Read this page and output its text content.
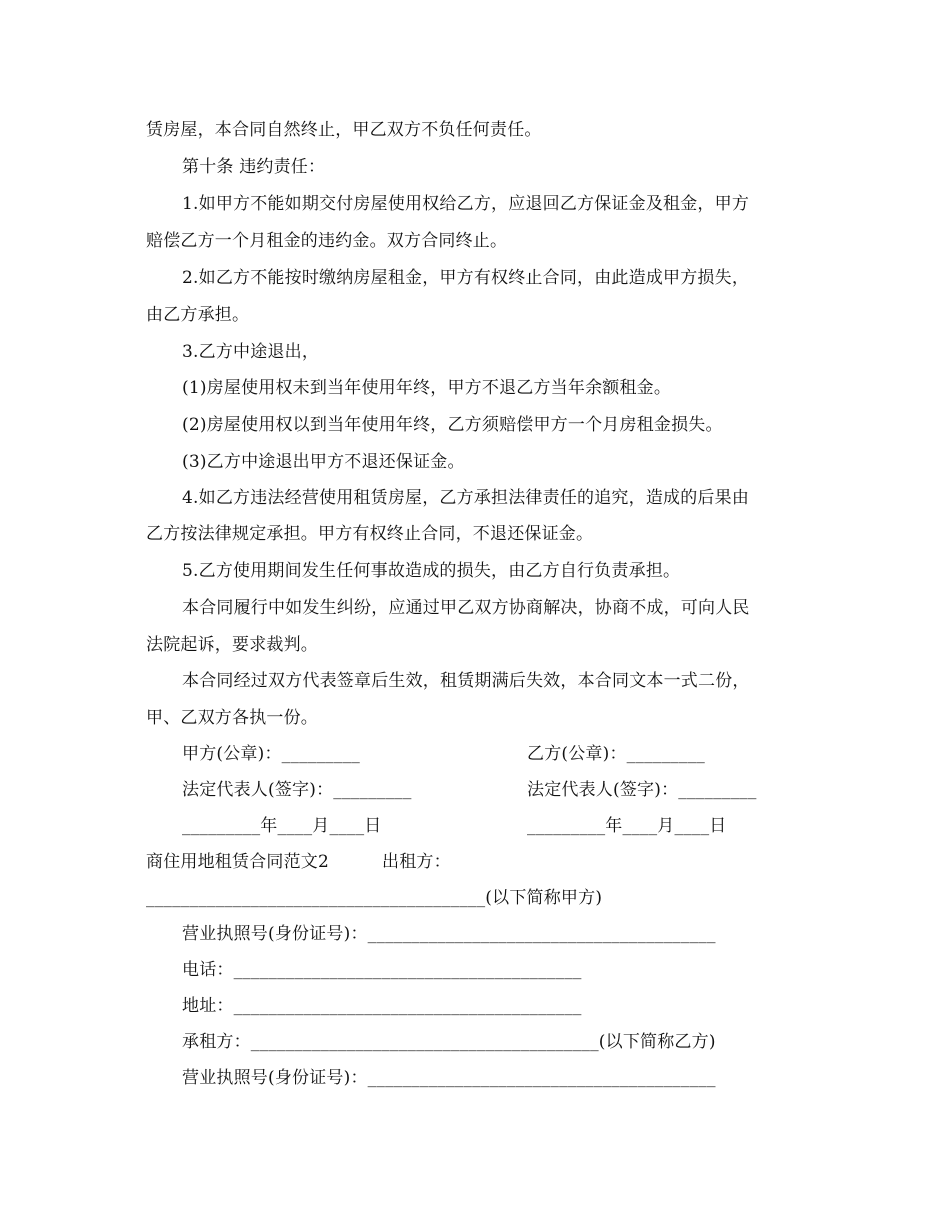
赁房屋，本合同自然终止，甲乙双方不负任何责任。
第十条 违约责任：
1.如甲方不能如期交付房屋使用权给乙方，应退回乙方保证金及租金，甲方
赔偿乙方一个月租金的违约金。双方合同终止。
2.如乙方不能按时缴纳房屋租金，甲方有权终止合同，由此造成甲方损失，
由乙方承担。
3.乙方中途退出，
(1)房屋使用权未到当年使用年终，甲方不退乙方当年余额租金。
(2)房屋使用权以到当年使用年终，乙方须赔偿甲方一个月房租金损失。
(3)乙方中途退出甲方不退还保证金。
4.如乙方违法经营使用租赁房屋，乙方承担法律责任的追究，造成的后果由
乙方按法律规定承担。甲方有权终止合同，不退还保证金。
5.乙方使用期间发生任何事故造成的损失，由乙方自行负责承担。
本合同履行中如发生纠纷，应通过甲乙双方协商解决，协商不成，可向人民
法院起诉，要求裁判。
本合同经过双方代表签章后生效，租赁期满后失效，本合同文本一式二份，
甲、乙双方各执一份。
甲方(公章)：_________	乙方(公章)：_________
法定代表人(签字)：_________	法定代表人(签字)：_________
_________年____月____日	_________年____月____日
商住用地租赁合同范文2	出租方：
_______________________________________(以下简称甲方)
营业执照号(身份证号)：________________________________________
电话：________________________________________
地址：________________________________________
承租方：________________________________________(以下简称乙方)
营业执照号(身份证号)：________________________________________
